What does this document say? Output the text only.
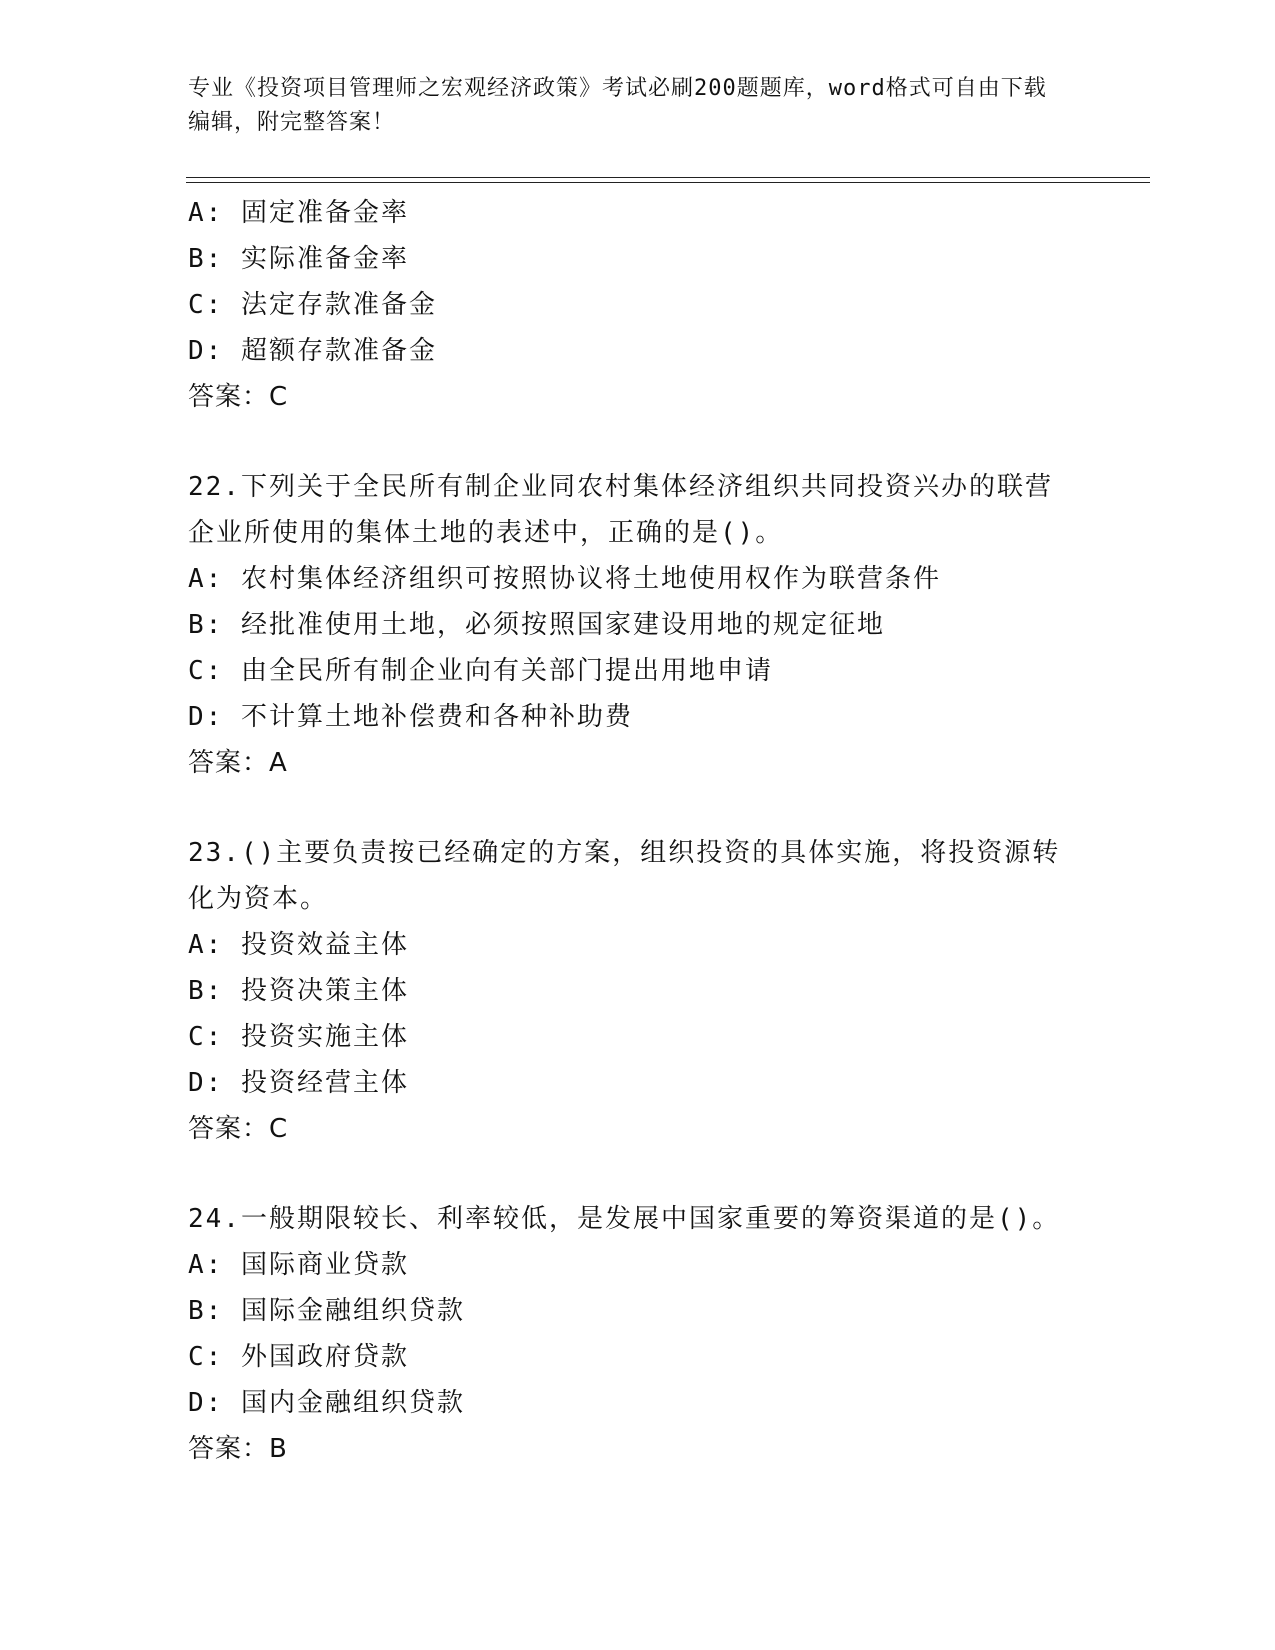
专业《投资项目管理师之宏观经济政策》考试必刷200题题库，word格式可自由下载编辑，附完整答案！
A: 固定准备金率
B: 实际准备金率
C: 法定存款准备金
D: 超额存款准备金
答案：C
22.下列关于全民所有制企业同农村集体经济组织共同投资兴办的联营企业所使用的集体土地的表述中，正确的是()。
A: 农村集体经济组织可按照协议将土地使用权作为联营条件
B: 经批准使用土地，必须按照国家建设用地的规定征地
C: 由全民所有制企业向有关部门提出用地申请
D: 不计算土地补偿费和各种补助费
答案：A
23.()主要负责按已经确定的方案，组织投资的具体实施，将投资源转化为资本。
A: 投资效益主体
B: 投资决策主体
C: 投资实施主体
D: 投资经营主体
答案：C
24.一般期限较长、利率较低，是发展中国家重要的筹资渠道的是()。
A: 国际商业贷款
B: 国际金融组织贷款
C: 外国政府贷款
D: 国内金融组织贷款
答案：B
